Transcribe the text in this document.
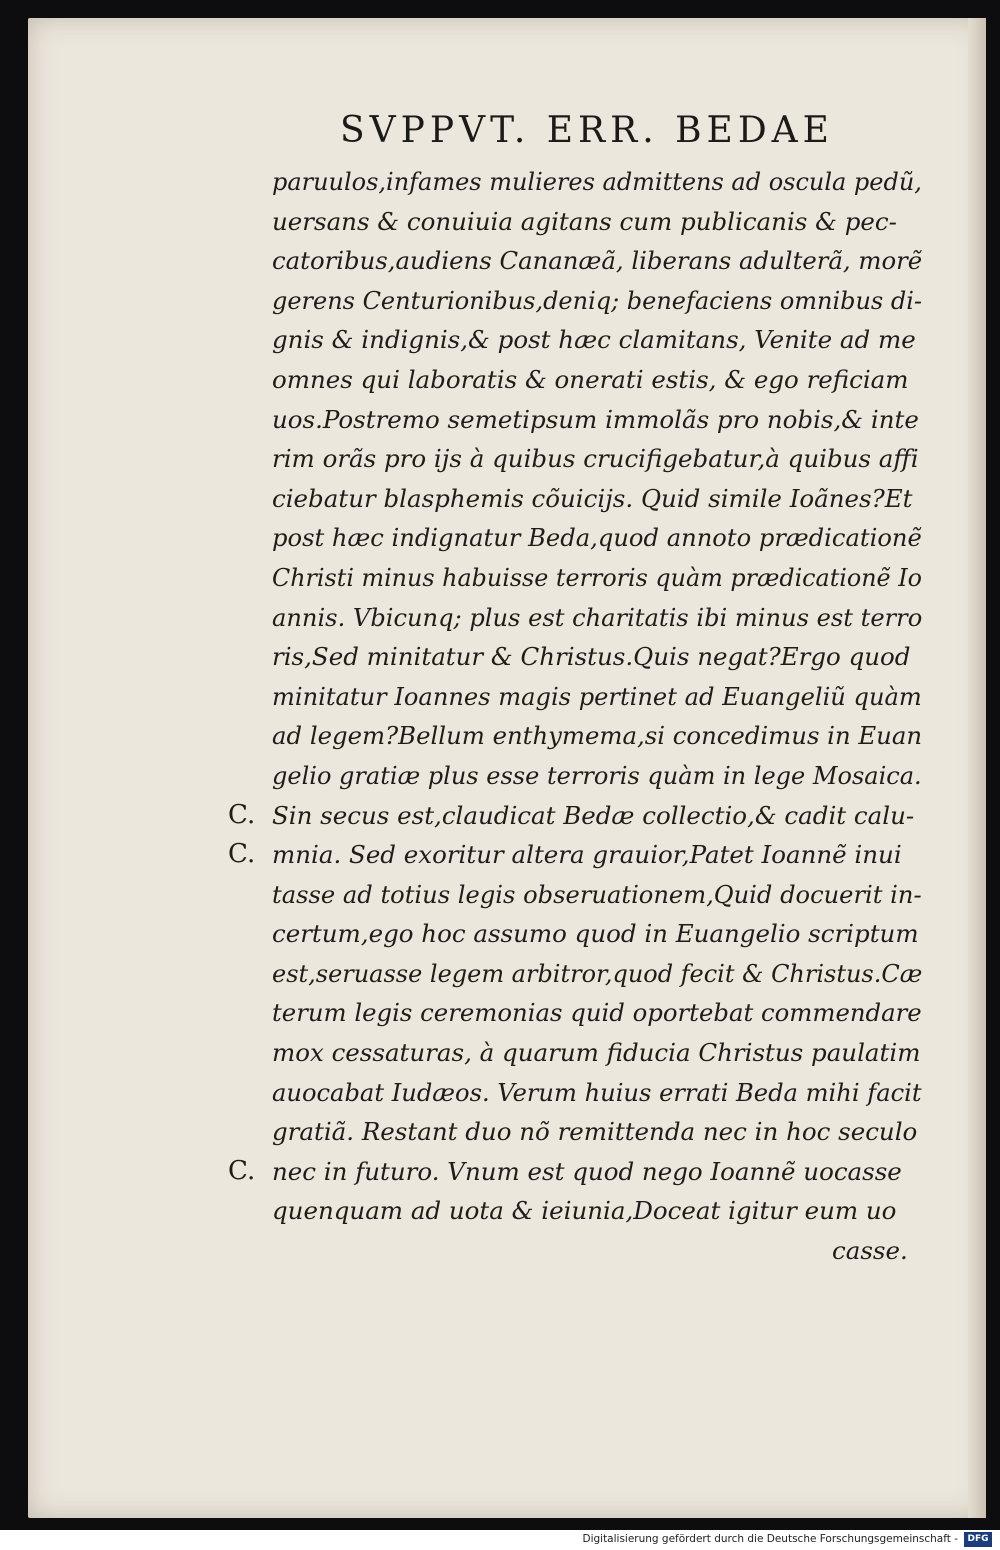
SVPPVT. ERR. BEDAE
paruulos,infames mulieres admittens ad oscula pedũ,
uersans & conuiuia agitans cum publicanis & pec-
catoribus,audiens Cananæã, liberans adulterã, morẽ
gerens Centurionibus,deniq; benefaciens omnibus di-
gnis & indignis,& post hæc clamitans, Venite ad me
omnes qui laboratis & onerati estis, & ego reficiam
uos.Postremo semetipsum immolãs pro nobis,& inte
rim orãs pro ijs à quibus crucifigebatur,à quibus affi
ciebatur blasphemis cõuicijs. Quid simile Ioãnes?Et
post hæc indignatur Beda,quod annoto prædicationẽ
Christi minus habuisse terroris quàm prædicationẽ Io
annis. Vbicunq; plus est charitatis ibi minus est terro
ris,Sed minitatur & Christus.Quis negat?Ergo quod
minitatur Ioannes magis pertinet ad Euangeliũ quàm
ad legem?Bellum enthymema,si concedimus in Euan
gelio gratiæ plus esse terroris quàm in lege Mosaica.
C. Sin secus est,claudicat Bedæ collectio,& cadit calu-
C. mnia. Sed exoritur altera grauior,Patet Ioannẽ inui
tasse ad totius legis obseruationem,Quid docuerit in-
certum,ego hoc assumo quod in Euangelio scriptum
est,seruasse legem arbitror,quod fecit & Christus.Cæ
terum legis ceremonias quid oportebat commendare
mox cessaturas, à quarum fiducia Christus paulatim
auocabat Iudæos. Verum huius errati Beda mihi facit
gratiã. Restant duo nõ remittenda nec in hoc seculo
C. nec in futuro. Vnum est quod nego Ioannẽ uocasse
quenquam ad uota & ieiunia,Doceat igitur eum uo
casse.
Digitalisierung gefördert durch die Deutsche Forschungsgemeinschaft -	DFG
